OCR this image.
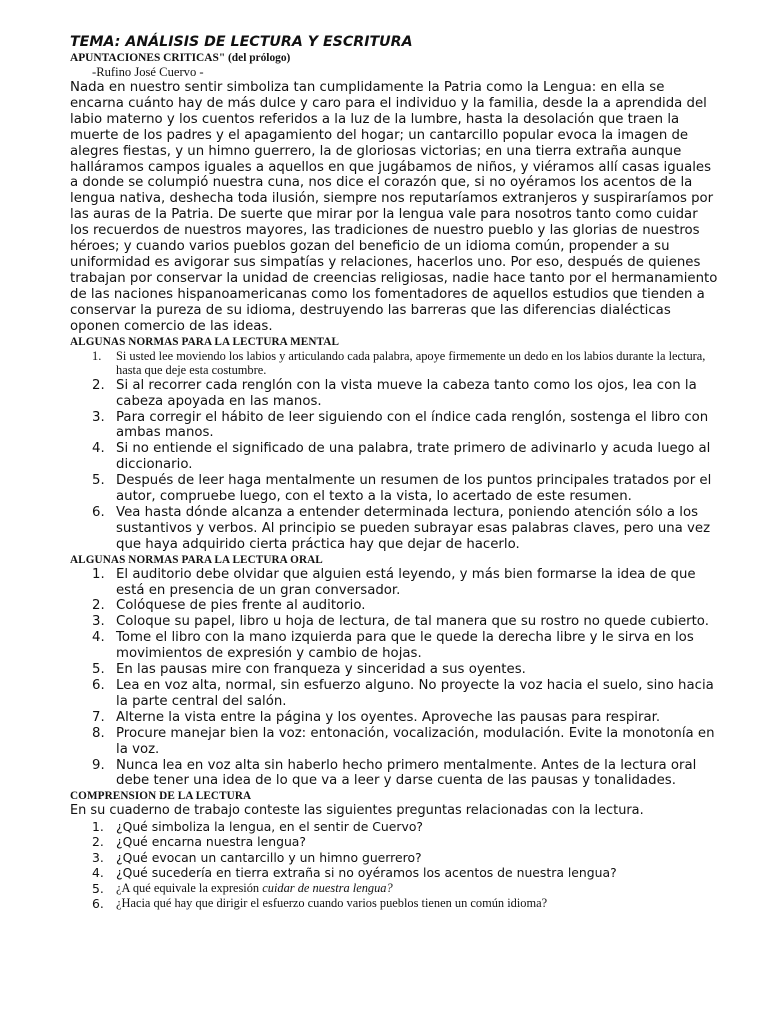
TEMA: ANÁLISIS DE LECTURA Y ESCRITURA

APUNTACIONES CRITICAS" (del prólogo)

-Rufino José Cuervo -

Nada en nuestro sentir simboliza tan cumplidamente la Patria como la Lengua: en ella se encarna cuánto hay de más dulce y caro para el individuo y la familia, desde la a aprendida del labio materno y los cuentos referidos a la luz de la lumbre, hasta la desolación que traen la muerte de los padres y el apagamiento del hogar; un cantarcillo popular evoca la imagen de alegres fiestas, y un himno guerrero, la de gloriosas victorias; en una tierra extraña aunque halláramos campos iguales a aquellos en que jugábamos de niños, y viéramos allí casas iguales a donde se columpió nuestra cuna, nos dice el corazón que, si no oyéramos los acentos de la lengua nativa, deshecha toda ilusión, siempre nos reputaríamos extranjeros y suspiraríamos por las auras de la Patria. De suerte que mirar por la lengua vale para nosotros tanto como cuidar los recuerdos de nuestros mayores, las tradiciones de nuestro pueblo y las glorias de nuestros héroes; y cuando varios pueblos gozan del beneficio de un idioma común, propender a su uniformidad es avigorar sus simpatías y relaciones, hacerlos uno. Por eso, después de quienes trabajan por conservar la unidad de creencias religiosas, nadie hace tanto por el hermanamiento de las naciones hispanoamericanas como los fomentadores de aquellos estudios que tienden a conservar la pureza de su idioma, destruyendo las barreras que las diferencias dialécticas oponen comercio de las ideas.

ALGUNAS NORMAS PARA LA LECTURA MENTAL

1.	Si usted lee moviendo los labios y articulando cada palabra, apoye firmemente un dedo en los labios durante la lectura, hasta que deje esta costumbre.
2. Si al recorrer cada renglón con la vista mueve la cabeza tanto como los ojos, lea con la cabeza apoyada en las manos.
3. Para corregir el hábito de leer siguiendo con el índice cada renglón, sostenga el libro con ambas manos.
4. Si no entiende el significado de una palabra, trate primero de adivinarlo y acuda luego al diccionario.
5. Después de leer haga mentalmente un resumen de los puntos principales tratados por el autor, compruebe luego, con el texto a la vista, lo acertado de este resumen.
6. Vea hasta dónde alcanza a entender determinada lectura, poniendo atención sólo a los sustantivos y verbos. Al principio se pueden subrayar esas palabras claves, pero una vez que haya adquirido cierta práctica hay que dejar de hacerlo.

ALGUNAS NORMAS PARA LA LECTURA ORAL

1. El auditorio debe olvidar que alguien está leyendo, y más bien formarse la idea de que está en presencia de un gran conversador.
2. Colóquese de pies frente al auditorio.
3. Coloque su papel, libro u hoja de lectura, de tal manera que su rostro no quede cubierto.
4. Tome el libro con la mano izquierda para que le quede la derecha libre y le sirva en los movimientos de expresión y cambio de hojas.
5. En las pausas mire con franqueza y sinceridad a sus oyentes.
6. Lea en voz alta, normal, sin esfuerzo alguno. No proyecte la voz hacia el suelo, sino hacia la parte central del salón.
7. Alterne la vista entre la página y los oyentes. Aproveche las pausas para respirar.
8. Procure manejar bien la voz: entonación, vocalización, modulación. Evite la monotonía en la voz.
9. Nunca lea en voz alta sin haberlo hecho primero mentalmente. Antes de la lectura oral debe tener una idea de lo que va a leer y darse cuenta de las pausas y tonalidades.

COMPRENSION DE LA LECTURA

En su cuaderno de trabajo conteste las siguientes preguntas relacionadas con la lectura.

1. ¿Qué simboliza la lengua, en el sentir de Cuervo?
2. ¿Qué encarna nuestra lengua?
3. ¿Qué evocan un cantarcillo y un himno guerrero?
4. ¿Qué sucedería en tierra extraña si no oyéramos los acentos de nuestra lengua?
5. ¿A qué equivale la expresión cuidar de nuestra lengua?
6. ¿Hacia qué hay que dirigir el esfuerzo cuando varios pueblos tienen un común idioma?
